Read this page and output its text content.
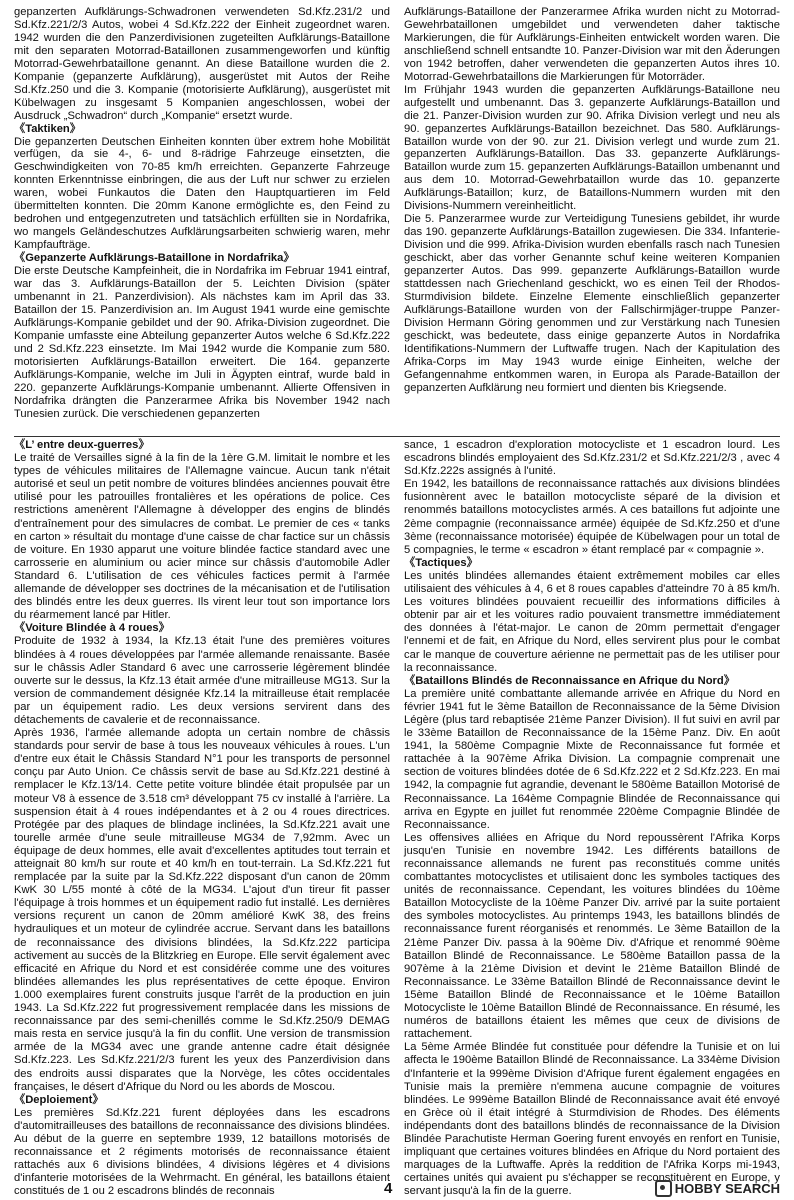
gepanzerten Aufklärungs-Schwadronen verwendeten Sd.Kfz.231/2 und Sd.Kfz.221/2/3 Autos, wobei 4 Sd.Kfz.222 der Einheit zugeordnet waren. 1942 wurden die den Panzerdivisionen zugeteilten Aufklärungs-Bataillone mit den separaten Motorrad-Bataillonen zusammengeworfen und künftig Motorrad-Gewehrbataillone genannt. An diese Bataillone wurden die 2. Kompanie (gepanzerte Aufklärung), ausgerüstet mit Autos der Reihe Sd.Kfz.250 und die 3. Kompanie (motorisierte Aufklärung), ausgerüstet mit Kübelwagen zu insgesamt 5 Kompanien angeschlossen, wobei der Ausdruck „Schwadron“ durch „Kompanie“ ersetzt wurde.

《Taktiken》

Die gepanzerten Deutschen Einheiten konnten über extrem hohe Mobilität verfügen, da sie 4-, 6- und 8-rädrige Fahrzeuge einsetzten, die Geschwindigkeiten von 70-85 km/h erreichten. Gepanzerte Fahrzeuge konnten Erkenntnisse einbringen, die aus der Luft nur schwer zu erzielen waren, wobei Funkautos die Daten den Hauptquartieren im Feld übermittelten konnten. Die 20mm Kanone ermöglichte es, den Feind zu bedrohen und entgegenzutreten und tatsächlich erfüllten sie in Nordafrika, wo mangels Geländeschutzes Aufklärungsarbeiten schwierig waren, mehr Kampfaufträge.

《Gepanzerte Aufklärungs-Bataillone in Nordafrika》

Die erste Deutsche Kampfeinheit, die in Nordafrika im Februar 1941 eintraf, war das 3. Aufklärungs-Bataillon der 5. Leichten Division (später umbenannt in 21. Panzerdivision). Als nächstes kam im April das 33. Bataillon der 15. Panzerdivision an. Im August 1941 wurde eine gemischte Aufklärungs-Kompanie gebildet und der 90. Afrika-Division zugeordnet. Die Kompanie umfasste eine Abteilung gepanzerter Autos welche 6 Sd.Kfz.222 und 2 Sd.Kfz.223 einsetzte. Im Mai 1942 wurde die Kompanie zum 580. motorisierten Aufklärungs-Bataillon erweitert. Die 164. gepanzerte Aufklärungs-Kompanie, welche im Juli in Ägypten eintraf, wurde bald in 220. gepanzerte Aufklärungs-Kompanie umbenannt. Allierte Offensiven in Nordafrika drängten die Panzerarmee Afrika bis November 1942 nach Tunesien zurück. Die verschiedenen gepanzerten

Aufklärungs-Bataillone der Panzerarmee Afrika wurden nicht zu Motorrad-Gewehrbataillonen umgebildet und verwendeten daher taktische Markierungen, die für Aufklärungs-Einheiten entwickelt worden waren. Die anschließend schnell entsandte 10. Panzer-Division war mit den Äderungen von 1942 betroffen, daher verwendeten die gepanzerten Autos ihres 10. Motorrad-Gewehrbataillons die Markierungen für Motorräder.

Im Frühjahr 1943 wurden die gepanzerten Aufklärungs-Bataillone neu aufgestellt und umbenannt. Das 3. gepanzerte Aufklärungs-Bataillon und die 21. Panzer-Division wurden zur 90. Afrika Division verlegt und neu als 90. gepanzertes Aufklärungs-Bataillon bezeichnet. Das 580. Aufklärungs-Bataillon wurde von der 90. zur 21. Division verlegt und wurde zum 21. gepanzerten Aufklärungs-Bataillon. Das 33. gepanzerte Aufklärungs-Bataillon wurde zum 15. gepanzerten Aufklärungs-Bataillon umbenannt und aus dem 10. Motorrad-Gewehrbataillon wurde das 10. gepanzerte Aufklärungs-Bataillon; kurz, de Bataillons-Nummern wurden mit den Divisions-Nummern vereinheitlicht.

Die 5. Panzerarmee wurde zur Verteidigung Tunesiens gebildet, ihr wurde das 190. gepanzerte Aufklärungs-Bataillon zugewiesen. Die 334. Infanterie-Division und die 999. Afrika-Division wurden ebenfalls rasch nach Tunesien geschickt, aber das vorher Genannte schuf keine weiteren Kompanien gepanzerter Autos. Das 999. gepanzerte Aufklärungs-Bataillon wurde stattdessen nach Griechenland geschickt, wo es einen Teil der Rhodos-Sturmdivision bildete. Einzelne Elemente einschließlich gepanzerter Aufklärungs-Bataillone wurden von der Fallschirmjäger-truppe Panzer-Division Hermann Göring genommen und zur Verstärkung nach Tunesien geschickt, was bedeutete, dass einige gepanzerte Autos in Nordafrika Identifikations-Nummern der Luftwaffe trugen. Nach der Kapitulation des Afrika-Corps im May 1943 wurde einige Einheiten, welche der Gefangennahme entkommen waren, in Europa als Parade-Bataillon der gepanzerten Aufklärung neu formiert und dienten bis Kriegsende.

《L’ entre deux-guerres》

Le traité de Versailles signé à la fin de la 1ère G.M. limitait le nombre et les types de véhicules militaires de l'Allemagne vaincue. Aucun tank n'était autorisé et seul un petit nombre de voitures blindées anciennes pouvait être utilisé pour les patrouilles frontalières et les opérations de police. Ces restrictions amenèrent l'Allemagne à développer des engins de blindés d'entraînement pour des simulacres de combat. Le premier de ces « tanks en carton » résultait du montage d'une caisse de char factice sur un châssis de voiture. En 1930 apparut une voiture blindée factice standard avec une carrosserie en aluminium ou acier mince sur châssis d'automobile Adler Standard 6. L'utilisation de ces véhicules factices permit à l'armée allemande de développer ses doctrines de la mécanisation et de l'utilisation des blindés entre les deux guerres. Ils virent leur tout son importance lors du réarmement lancé par Hitler.

《Voiture Blindée à 4 roues》

Produite de 1932 à 1934, la Kfz.13 était l'une des premières voitures blindées à 4 roues développées par l'armée allemande renaissante. Basée sur le châssis Adler Standard 6 avec une carrosserie légèrement blindée ouverte sur le dessus, la Kfz.13 était armée d'une mitrailleuse MG13. Sur la version de commandement désignée Kfz.14 la mitrailleuse était remplacée par un équipement radio. Les deux versions servirent dans des détachements de cavalerie et de reconnaissance.

Après 1936, l'armée allemande adopta un certain nombre de châssis standards pour servir de base à tous les nouveaux véhicules à roues. L'un d'entre eux était le Châssis Standard N°1 pour les transports de personnel conçu par Auto Union. Ce châssis servit de base au Sd.Kfz.221 destiné à remplacer le Kfz.13/14. Cette petite voiture blindée était propulsée par un moteur V8 à essence de 3.518 cm³ développant 75 cv installé à l'arrière. La suspension était à 4 roues indépendantes et à 2 ou 4 roues directrices. Protégée par des plaques de blindage inclinées, la Sd.Kfz.221 avait une tourelle armée d'une seule mitrailleuse MG34 de 7,92mm. Avec un équipage de deux hommes, elle avait d'excellentes aptitudes tout terrain et atteignait 80 km/h sur route et 40 km/h en tout-terrain. La Sd.Kfz.221 fut remplacée par la suite par la Sd.Kfz.222 disposant d'un canon de 20mm KwK 30 L/55 monté à côté de la MG34. L'ajout d'un tireur fit passer l'équipage à trois hommes et un équipement radio fut installé. Les dernières versions reçurent un canon de 20mm amélioré KwK 38, des freins hydrauliques et un moteur de cylindrée accrue. Servant dans les bataillons de reconnaissance des divisions blindées, la Sd.Kfz.222 participa activement au succès de la Blitzkrieg en Europe. Elle servit également avec efficacité en Afrique du Nord et est considérée comme une des voitures blindées allemandes les plus représentatives de cette époque. Environ 1.000 exemplaires furent construits jusque l'arrêt de la production en juin 1943. La Sd.Kfz.222 fut progressivement remplacée dans les missions de reconnaissance par des semi-chenillés comme le Sd.Kfz.250/9 DEMAG mais resta en service jusqu'à la fin du conflit. Une version de transmission armée de la MG34 avec une grande antenne cadre était désignée Sd.Kfz.223. Les Sd.Kfz.221/2/3 furent les yeux des Panzerdivision dans des endroits aussi disparates que la Norvège, les côtes occidentales françaises, le désert d'Afrique du Nord ou les abords de Moscou.

《Deploiement》

Les premières Sd.Kfz.221 furent déployées dans les escadrons d'automitrailleuses des bataillons de reconnaissance des divisions blindées. Au début de la guerre en septembre 1939, 12 bataillons motorisés de reconnaissance et 2 régiments motorisés de reconnaissance étaient rattachés aux 6 divisions blindées, 4 divisions légères et 4 divisions d'infanterie motorisées de la Wehrmacht. En général, les bataillons étaient constitués de 1 ou 2 escadrons blindés de reconnais

sance, 1 escadron d'exploration motocycliste et 1 escadron lourd. Les escadrons blindés employaient des Sd.Kfz.231/2 et Sd.Kfz.221/2/3 , avec 4 Sd.Kfz.222s assignés à l'unité.

En 1942, les bataillons de reconnaissance rattachés aux divisions blindées fusionnèrent avec le bataillon motocycliste séparé de la division et renommés bataillons motocyclistes armés. A ces bataillons fut adjointe une 2ème compagnie (reconnaissance armée) équipée de Sd.Kfz.250 et d'une 3ème (reconnaissance motorisée) équipée de Kübelwagen pour un total de 5 compagnies, le terme « escadron » étant remplacé par « compagnie ».

《Tactiques》

Les unités blindées allemandes étaient extrêmement mobiles car elles utilisaient des véhicules à 4, 6 et 8 roues capables d'atteindre 70 à 85 km/h. Les voitures blindées pouvaient recueillir des informations difficiles à obtenir par air et les voitures radio pouvaient transmettre immédiatement des données à l'état-major. Le canon de 20mm permettait d'engager l'ennemi et de fait, en Afrique du Nord, elles servirent plus pour le combat car le manque de couverture aérienne ne permettait pas de les utiliser pour la reconnaissance.

《Bataillons Blindés de Reconnaissance en Afrique du Nord》

La première unité combattante allemande arrivée en Afrique du Nord en février 1941 fut le 3ème Bataillon de Reconnaissance de la 5ème Division Légère (plus tard rebaptisée 21ème Panzer Division). Il fut suivi en avril par le 33ème Bataillon de Reconnaissance de la 15ème Panz. Div. En août 1941, la 580ème Compagnie Mixte de Reconnaissance fut formée et rattachée à la 907ème Afrika Division. La compagnie comprenait une section de voitures blindées dotée de 6 Sd.Kfz.222 et 2 Sd.Kfz.223. En mai 1942, la compagnie fut agrandie, devenant le 580ème Bataillon Motorisé de Reconnaissance. La 164ème Compagnie Blindée de Reconnaissance qui arriva en Egypte en juillet fut renommée 220ème Compagnie Blindée de Reconnaissance.

Les offensives alliées en Afrique du Nord repoussèrent l'Afrika Korps jusqu'en Tunisie en novembre 1942. Les différents bataillons de reconnaissance allemands ne furent pas reconstitués comme unités combattantes motocyclistes et utilisaient donc les symboles tactiques des unités de reconnaissance. Cependant, les voitures blindées du 10ème Bataillon Motocycliste de la 10ème Panzer Div. arrivé par la suite portaient des symboles motocyclistes. Au printemps 1943, les bataillons blindés de reconnaissance furent réorganisés et renommés. Le 3ème Bataillon de la 21ème Panzer Div. passa à la 90ème Div. d'Afrique et renommé 90ème Bataillon Blindé de Reconnaissance. Le 580ème Bataillon passa de la 907ème à la 21ème Division et devint le 21ème Bataillon Blindé de Reconnaissance. Le 33ème Bataillon Blindé de Reconnaissance devint le 15ème Bataillon Blindé de Reconnaissance et le 10ème Bataillon Motocycliste le 10ème Bataillon Blindé de Reconnaissance. En résumé, les numéros de bataillons étaient les mêmes que ceux de divisions de rattachement.

La 5ème Armée Blindée fut constituée pour défendre la Tunisie et on lui affecta le 190ème Bataillon Blindé de Reconnaissance. La 334ème Division d'Infanterie et la 999ème Division d'Afrique furent également engagées en Tunisie mais la première n'emmena aucune compagnie de voitures blindées. Le 999ème Bataillon Blindé de Reconnaissance avait été envoyé en Grèce où il était intégré à Sturmdivision de Rhodes. Des éléments indépendants dont des bataillons blindés de reconnaissance de la Division Blindée Parachutiste Herman Goering furent envoyés en renfort en Tunisie, impliquant que certaines voitures blindées en Afrique du Nord portaient des marquages de la Luftwaffe. Après la reddition de l'Afrika Korps mi-1943, certaines unités qui avaient pu s'échapper se reconstituèrent en Europe, y servant jusqu'à la fin de la guerre.

4	HOBBY SEARCH
